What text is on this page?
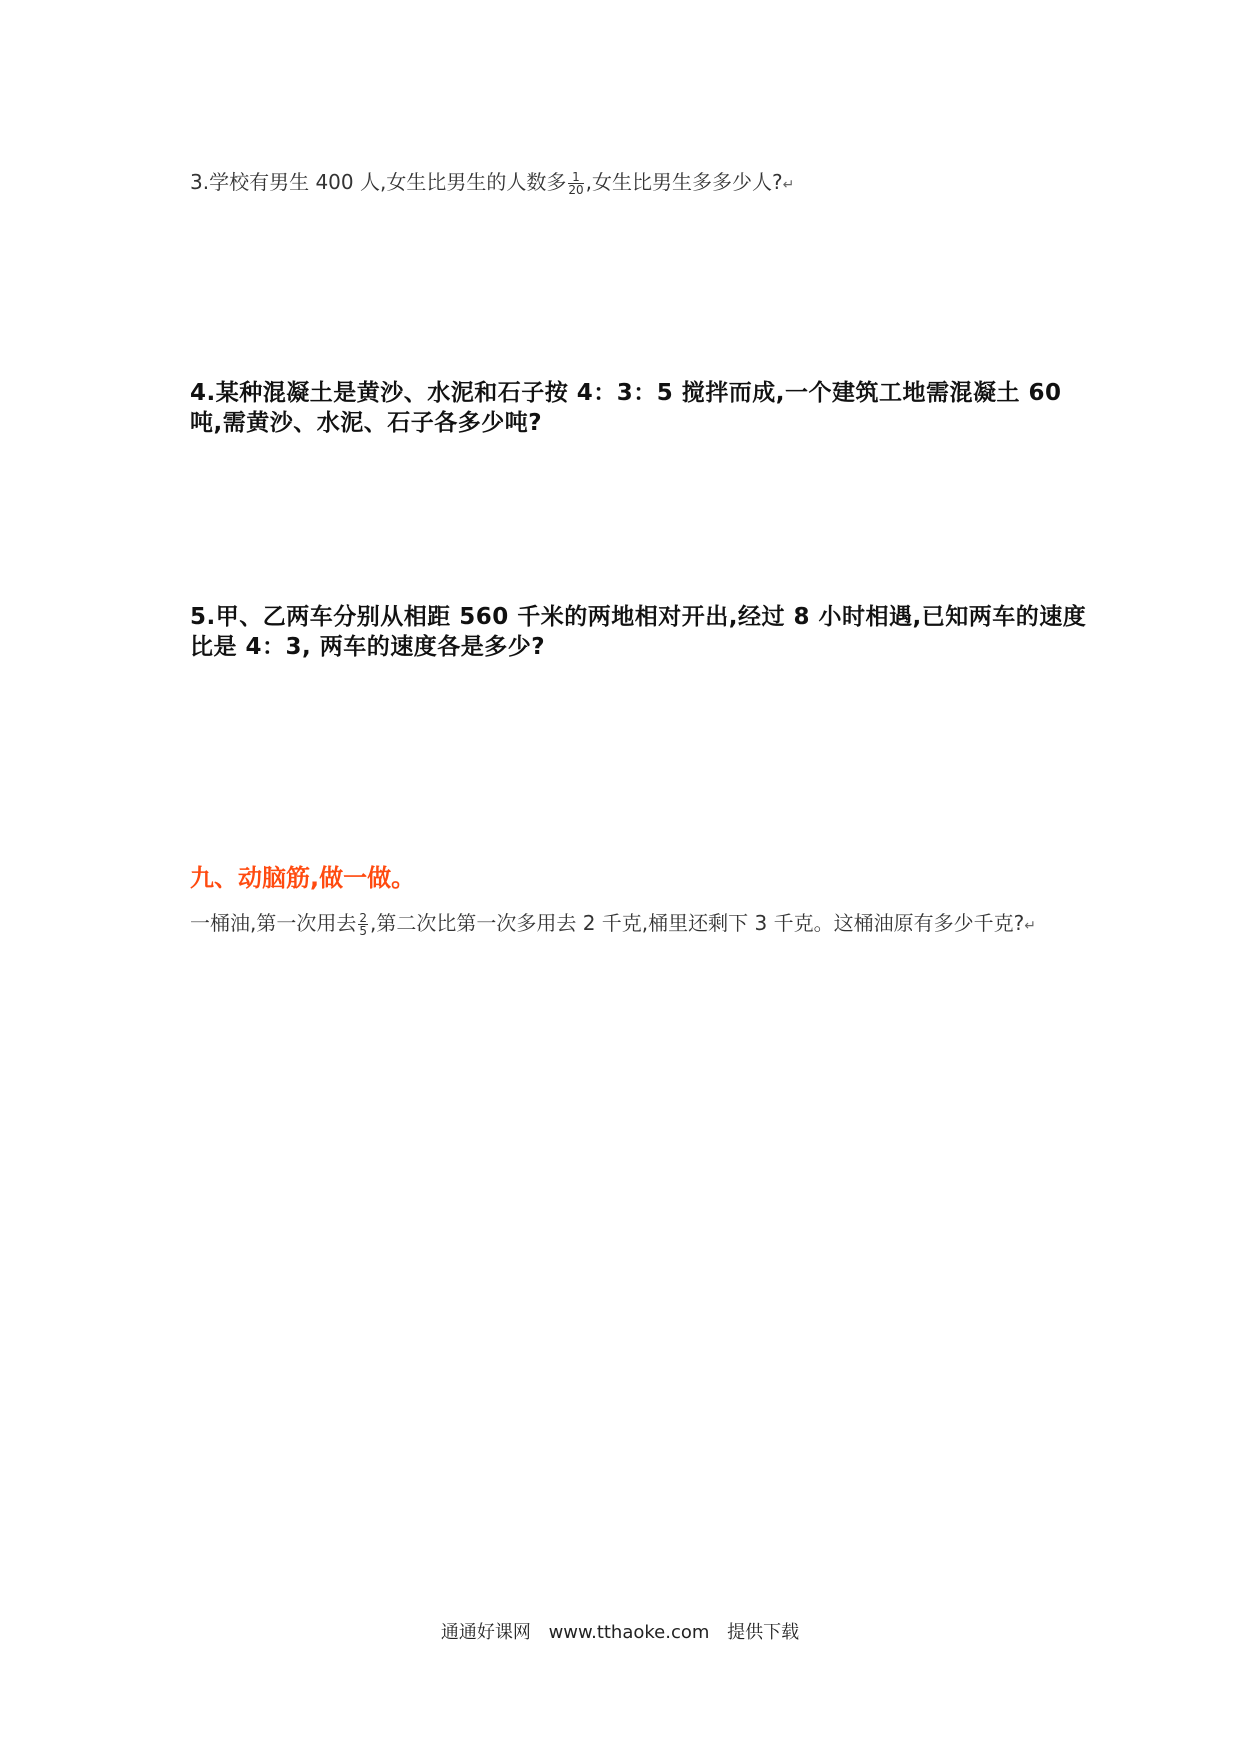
3.学校有男生 400 人,女生比男生的人数多 $\frac{1}{20}$ ,女生比男生多多少人?↵
4.某种混凝土是黄沙、水泥和石子按 4：3：5 搅拌而成,一个建筑工地需混凝土 60 吨,需黄沙、水泥、石子各多少吨?
5.甲、乙两车分别从相距 560 千米的两地相对开出,经过 8 小时相遇,已知两车的速度比是 4：3, 两车的速度各是多少?
九、动脑筋,做一做。
一桶油,第一次用去 $\frac{2}{5}$ ,第二次比第一次多用去 2 千克,桶里还剩下 3 千克。这桶油原有多少千克?↵
通通好课网 www.tthaoke.com 提供下载
